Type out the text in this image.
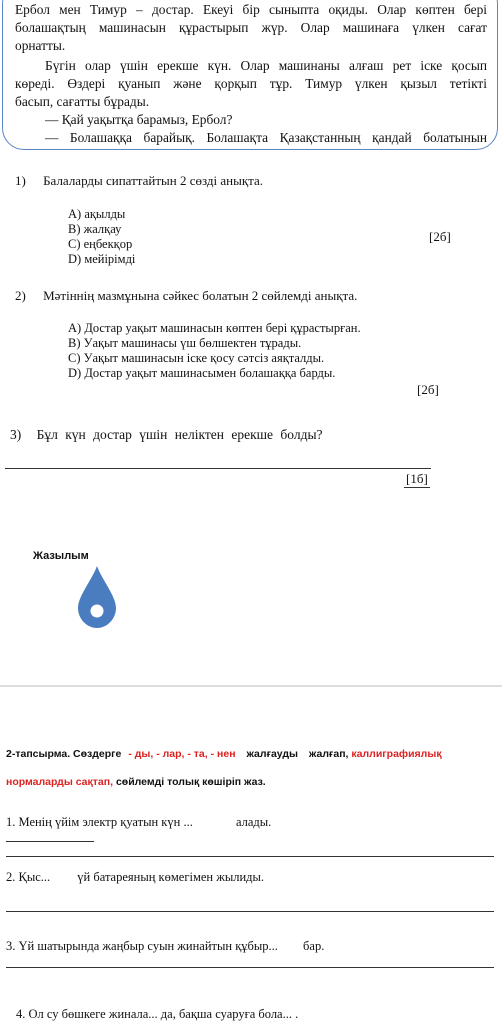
Ербол мен Тимур – достар. Екеуі бір сыныпта оқиды. Олар көптен бері
болашақтың машинасын құрастырып жүр. Олар машинаға үлкен сағат
орнатты.
Бүгін олар үшін ерекше күн. Олар машинаны алғаш рет іске қосып
көреді. Өздері қуанып және қорқып тұр. Тимур үлкен қызыл тетікті
басып, сағатты бұрады.
— Қай уақытқа барамыз, Ербол?
— Болашаққа барайық. Болашақта Қазақстанның қандай болатынын
1) Балаларды сипаттайтын 2 сөзді анықта.
A) ақылды
B) жалқау
C) еңбекқор
D) мейірімді
[2б]
2) Мәтіннің мазмұнына сәйкес болатын 2 сөйлемді анықта.
A) Достар уақыт машинасын көптен бері құрастырған.
B) Уақыт машинасы үш бөлшектен тұрады.
C) Уақыт машинасын іске қосу сәтсіз аяқталды.
D) Достар уақыт машинасымен болашаққа барды.
[2б]
3) Бұл күн достар үшін неліктен ерекше болды?
[1б]
Жазылым
2-тапсырма. Сөздерге - ды, - лар, - та, - нен жалғауды жалғап, каллиграфиялық
нормаларды сақтап, сөйлемді толық көшіріп жаз.
1. Менің үйім электр қуатын күн ...	алады.
2. Қыс... үй батареяның көмегімен жылиды.
3. Үй шатырында жаңбыр суын жинайтын құбыр... бар.
4. Ол су бөшкеге жинала... да, бақша суаруға бола... .
